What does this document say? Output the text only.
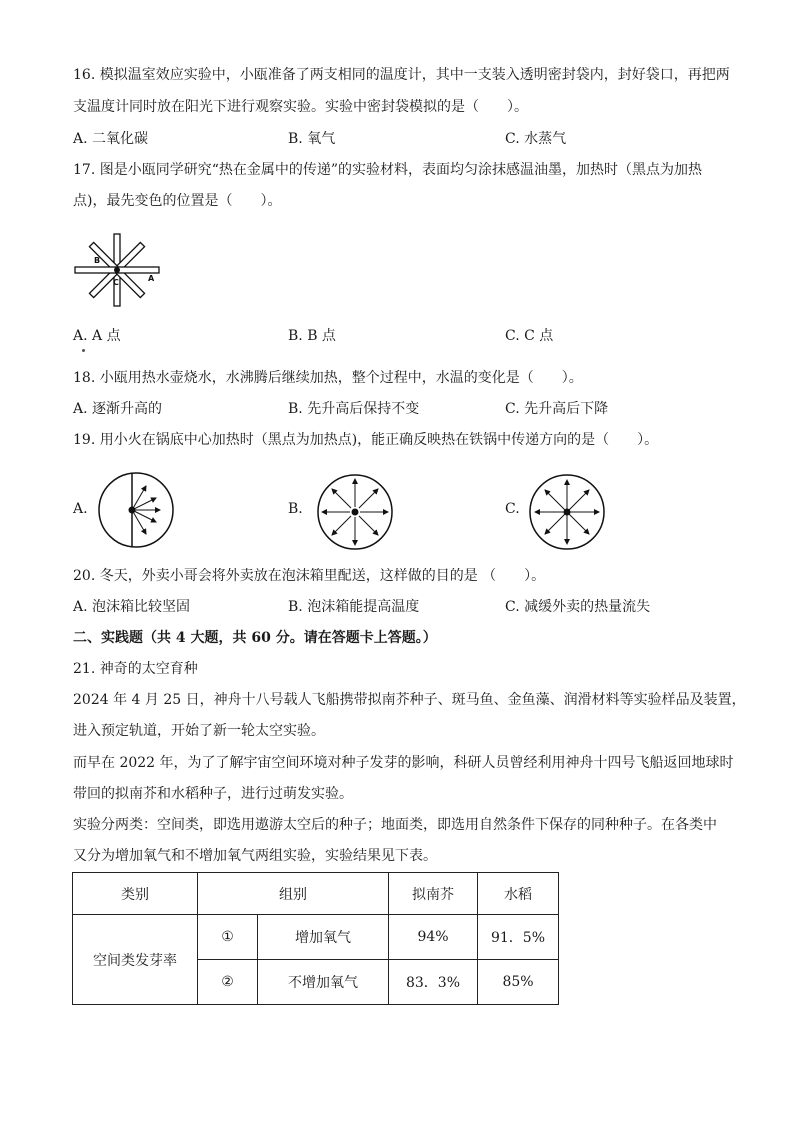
16. 模拟温室效应实验中，小瓯准备了两支相同的温度计，其中一支装入透明密封袋内，封好袋口，再把两
支温度计同时放在阳光下进行观察实验。实验中密封袋模拟的是（　　）。
A. 二氧化碳	B. 氧气	C. 水蒸气
17. 图是小瓯同学研究“热在金属中的传递”的实验材料，表面均匀涂抹感温油墨，加热时（黑点为加热
点)，最先变色的位置是（　　）。
B
C	A
A. A 点	B. B 点	C. C 点
18. 小瓯用热水壶烧水，水沸腾后继续加热，整个过程中，水温的变化是（　　）。
A. 逐渐升高的	B. 先升高后保持不变	C. 先升高后下降
19. 用小火在锅底中心加热时（黑点为加热点)，能正确反映热在铁锅中传递方向的是（　　）。
A.	B.	C.
20. 冬天，外卖小哥会将外卖放在泡沫箱里配送，这样做的目的是 （　　）。
A. 泡沫箱比较坚固	B. 泡沫箱能提高温度	C. 减缓外卖的热量流失
二、实践题（共 4 大题，共 60 分。请在答题卡上答题。）
21. 神奇的太空育种
2024 年 4 月 25 日，神舟十八号载人飞船携带拟南芥种子、斑马鱼、金鱼藻、润滑材料等实验样品及装置，
进入预定轨道，开始了新一轮太空实验。
而早在 2022 年，为了了解宇宙空间环境对种子发芽的影响，科研人员曾经利用神舟十四号飞船返回地球时
带回的拟南芥和水稻种子，进行过萌发实验。
实验分两类：空间类，即选用遨游太空后的种子；地面类，即选用自然条件下保存的同种种子。在各类中
又分为增加氧气和不增加氧气两组实验，实验结果见下表。
类别	组别		拟南芥	水稻
空间类发芽率	①	增加氧气	94%	91．5%
	②	不增加氧气	83．3%	85%
